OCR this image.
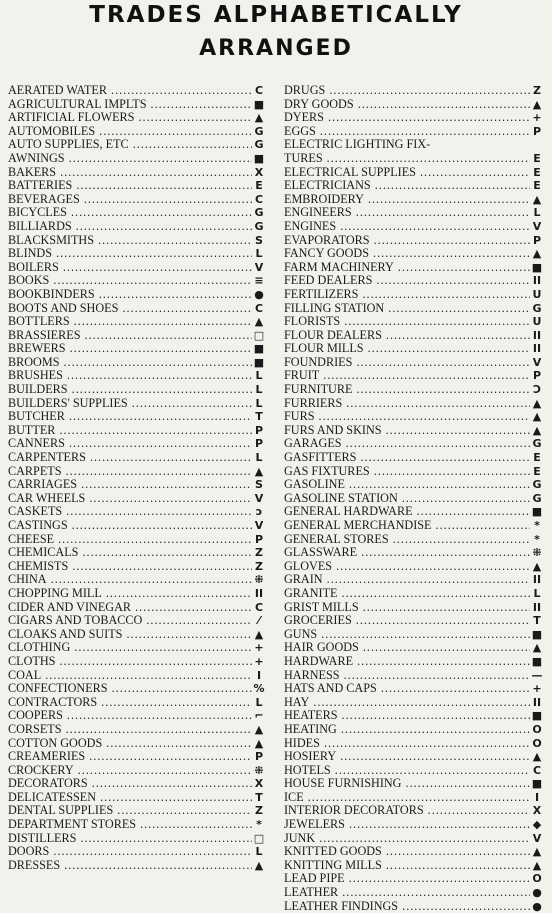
TRADES ALPHABETICALLY
ARRANGED
AERATED WATER .....	C
AGRICULTURAL IMPLTS .....	■
ARTIFICIAL FLOWERS .....	▲
AUTOMOBILES .....	G
AUTO SUPPLIES, ETC .....	G
AWNINGS .....	■
BAKERS .....	X
BATTERIES .....	E
BEVERAGES .....	C
BICYCLES .....	G
BILLIARDS .....	G
BLACKSMITHS .....	S
BLINDS .....	L
BOILERS .....	V
BOOKS .....	≡
BOOKBINDERS .....	●
BOOTS AND SHOES .....	C
BOTTLERS .....	▲
BRASSIERES .....	□
BREWERS .....	■
BROOMS .....	■
BRUSHES .....	L
BUILDERS .....	L
BUILDERS' SUPPLIES .....	L
BUTCHER .....	T
BUTTER .....	P
CANNERS .....	P
CARPENTERS .....	L
CARPETS .....	▲
CARRIAGES .....	S
CAR WHEELS .....	V
CASKETS .....	ↄ
CASTINGS .....	V
CHEESE .....	P
CHEMICALS .....	Z
CHEMISTS .....	Z
CHINA .....	⁜
CHOPPING MILL .....	II
CIDER AND VINEGAR .....	C
CIGARS AND TOBACCO .....	⁄
CLOAKS AND SUITS .....	▲
CLOTHING .....	+
CLOTHS .....	+
COAL .....	I
CONFECTIONERS .....	%
CONTRACTORS .....	L
COOPERS .....	⌐
CORSETS .....	▲
COTTON GOODS .....	▲
CREAMERIES .....	P
CROCKERY .....	⁜
DECORATORS .....	X
DELICATESSEN .....	T
DENTAL SUPPLIES .....	Z
DEPARTMENT STORES .....	*
DISTILLERS .....	□
DOORS .....	L
DRESSES .....	▲
DRUGS .....	Z
DRY GOODS .....	▲
DYERS .....	+
EGGS .....	P
ELECTRIC LIGHTING FIX-
TURES .....	E
ELECTRICAL SUPPLIES .....	E
ELECTRICIANS .....	E
EMBROIDERY .....	▲
ENGINEERS .....	L
ENGINES .....	V
EVAPORATORS .....	P
FANCY GOODS .....	▲
FARM MACHINERY .....	■
FEED DEALERS .....	II
FERTILIZERS .....	U
FILLING STATION .....	G
FLORISTS .....	U
FLOUR DEALERS .....	II
FLOUR MILLS .....	II
FOUNDRIES .....	V
FRUIT .....	P
FURNITURE .....	Ↄ
FURRIERS .....	▲
FURS .....	▲
FURS AND SKINS .....	▲
GARAGES .....	G
GASFITTERS .....	E
GAS FIXTURES .....	E
GASOLINE .....	G
GASOLINE STATION .....	G
GENERAL HARDWARE .....	■
GENERAL MERCHANDISE .....	*
GENERAL STORES .....	*
GLASSWARE .....	⁜
GLOVES .....	▲
GRAIN .....	II
GRANITE .....	L
GRIST MILLS .....	II
GROCERIES .....	T
GUNS .....	■
HAIR GOODS .....	▲
HARDWARE .....	■
HARNESS .....	—
HATS AND CAPS .....	+
HAY .....	II
HEATERS .....	■
HEATING .....	O
HIDES .....	O
HOSIERY .....	▲
HOTELS .....	C
HOUSE FURNISHING .....	■
ICE .....	I
INTERIOR DECORATORS .....	X
JEWELERS .....	◆
JUNK .....	V
KNITTED GOODS .....	▲
KNITTING MILLS .....	▲
LEAD PIPE .....	O
LEATHER .....	●
LEATHER FINDINGS .....	●
